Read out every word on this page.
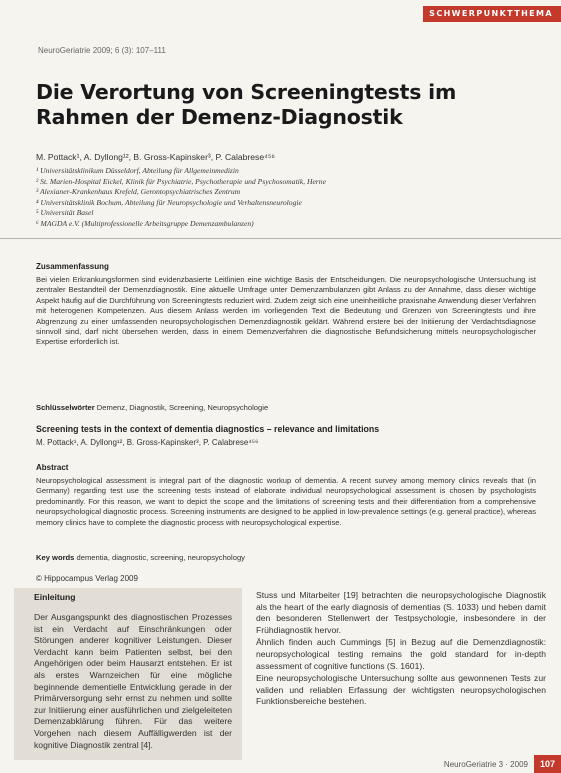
SCHWERPUNKTTHEMA
NeuroGeriatrie 2009; 6 (3): 107–111
Die Verortung von Screeningtests im Rahmen der Demenz-Diagnostik
M. Pottack¹, A. Dyllong¹², B. Gross-Kapinsker³, P. Calabrese⁴⁵⁶
¹ Universitätsklinikum Düsseldorf, Abteilung für Allgemeinmedizin
² St. Marien-Hospital Eickel, Klinik für Psychiatrie, Psychotherapie und Psychosomatik, Herne
³ Alexianer-Krankenhaus Krefeld, Gerontopsychiatrisches Zentrum
⁴ Universitätsklinik Bochum, Abteilung für Neuropsychologie und Verhaltensneurologie
⁵ Universität Basel
⁶ MAGDA e.V. (Multiprofessionelle Arbeitsgruppe Demenzambulanzen)
Zusammenfassung

Bei vielen Erkrankungsformen sind evidenzbasierte Leitlinien eine wichtige Basis der Entscheidungen. Die neuropsychologische Untersuchung ist zentraler Bestandteil der Demenzdiagnostik. Eine aktuelle Umfrage unter Demenzambulanzen gibt Anlass zu der Annahme, dass dieser wichtige Aspekt häufig auf die Durchführung von Screeningtests reduziert wird. Zudem zeigt sich eine uneinheitliche praxisnahe Anwendung dieser Verfahren mit heterogenen Kompetenzen. Aus diesem Anlass werden im vorliegenden Text die Bedeutung und Grenzen von Screeningtests und ihre Abgrenzung zu einer umfassenden neuropsychologischen Demenzdiagnostik geklärt. Während erstere bei der Initiierung der Verdachtsdiagnose sinnvoll sind, darf nicht übersehen werden, dass in einem Demenzverfahren die diagnostische Befundsicherung mittels neuropsychologischer Expertise erforderlich ist.

Schlüsselwörter Demenz, Diagnostik, Screening, Neuropsychologie
Screening tests in the context of dementia diagnostics – relevance and limitations
M. Pottack¹, A. Dyllong¹², B. Gross-Kapinsker³, P. Calabrese⁴⁵⁶
Abstract

Neuropsychological assessment is integral part of the diagnostic workup of dementia. A recent survey among memory clinics reveals that (in Germany) regarding test use the screening tests instead of elaborate individual neuropsychological assessment is chosen by psychologists predominantly. For this reason, we want to depict the scope and the limitations of screening tests and their differentiation from a comprehensive neuropsychological diagnostic process. Screening instruments are designed to be applied in low-prevalence settings (e.g. general practice), whereas memory clinics have to complete the diagnostic process with neuropsychological expertise.

Key words dementia, diagnostic, screening, neuropsychology
© Hippocampus Verlag 2009
Einleitung

Der Ausgangspunkt des diagnostischen Prozesses ist ein Verdacht auf Einschränkungen oder Störungen anderer kognitiver Leistungen. Dieser Verdacht kann beim Patienten selbst, bei den Angehörigen oder beim Hausarzt entstehen. Er ist als erstes Warnzeichen für eine mögliche beginnende dementielle Entwicklung gerade in der Primärversorgung sehr ernst zu nehmen und sollte zur Initiierung einer ausführlichen und zielgeleiteten Demenzabklärung führen. Für das weitere Vorgehen nach diesem Auffälligwerden ist der kognitive Diagnostik zentral [4].

Stuss und Mitarbeiter [19] betrachten die neuropsychologische Diagnostik als the heart of the early diagnosis of dementias (S. 1033) und heben damit den besonderen Stellenwert der Testpsychologie, insbesondere in der Frühdiagnostik hervor.

Ähnlich finden auch Cummings [5] in Bezug auf die Demenzdiagnostik: neuropsychological testing remains the gold standard for in-depth assessment of cognitive functions (S. 1601).

Eine neuropsychologische Untersuchung sollte aus gewonnenen Tests zur validen und reliablen Erfassung der wichtigsten neuropsychologischen Funktionsbereiche bestehen.

NeuroGeriatrie 3 · 2009	107
